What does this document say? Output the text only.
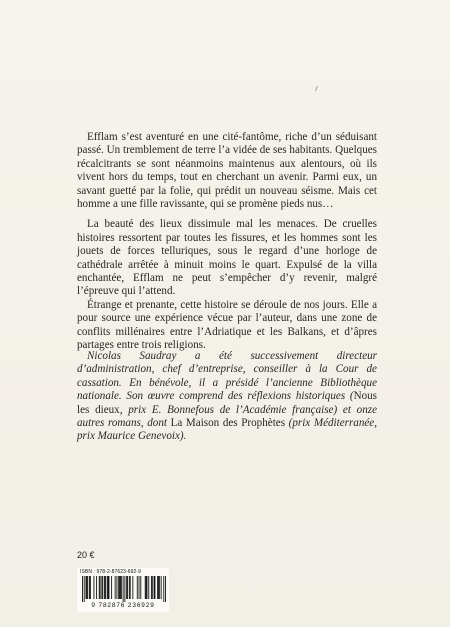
Efflam s’est aventuré en une cité-fantôme, riche d’un séduisant passé. Un tremblement de terre l’a vidée de ses habitants. Quelques récalcitrants se sont néanmoins maintenus aux alentours, où ils vivent hors du temps, tout en cherchant un avenir. Parmi eux, un savant guetté par la folie, qui prédit un nouveau séisme. Mais cet homme a une fille ravissante, qui se promène pieds nus…

La beauté des lieux dissimule mal les menaces. De cruelles histoires ressortent par toutes les fissures, et les hommes sont les jouets de forces telluriques, sous le regard d’une horloge de cathédrale arrêtée à minuit moins le quart. Expulsé de la villa enchantée, Efflam ne peut s’empêcher d’y revenir, malgré l’épreuve qui l’attend.

Étrange et prenante, cette histoire se déroule de nos jours. Elle a pour source une expérience vécue par l’auteur, dans une zone de conflits millénaires entre l’Adriatique et les Balkans, et d’âpres partages entre trois religions.

Nicolas Saudray a été successivement directeur d’administration, chef d’entreprise, conseiller à la Cour de cassation. En bénévole, il a présidé l’ancienne Bibliothèque nationale. Son œuvre comprend des réflexions historiques (Nous les dieux, prix E. Bonnefous de l’Académie française) et onze autres romans, dont La Maison des Prophètes (prix Méditerranée, prix Maurice Genevoix).
20 €
ISBN : 978-2-87623-692-9
9 782876 236929
